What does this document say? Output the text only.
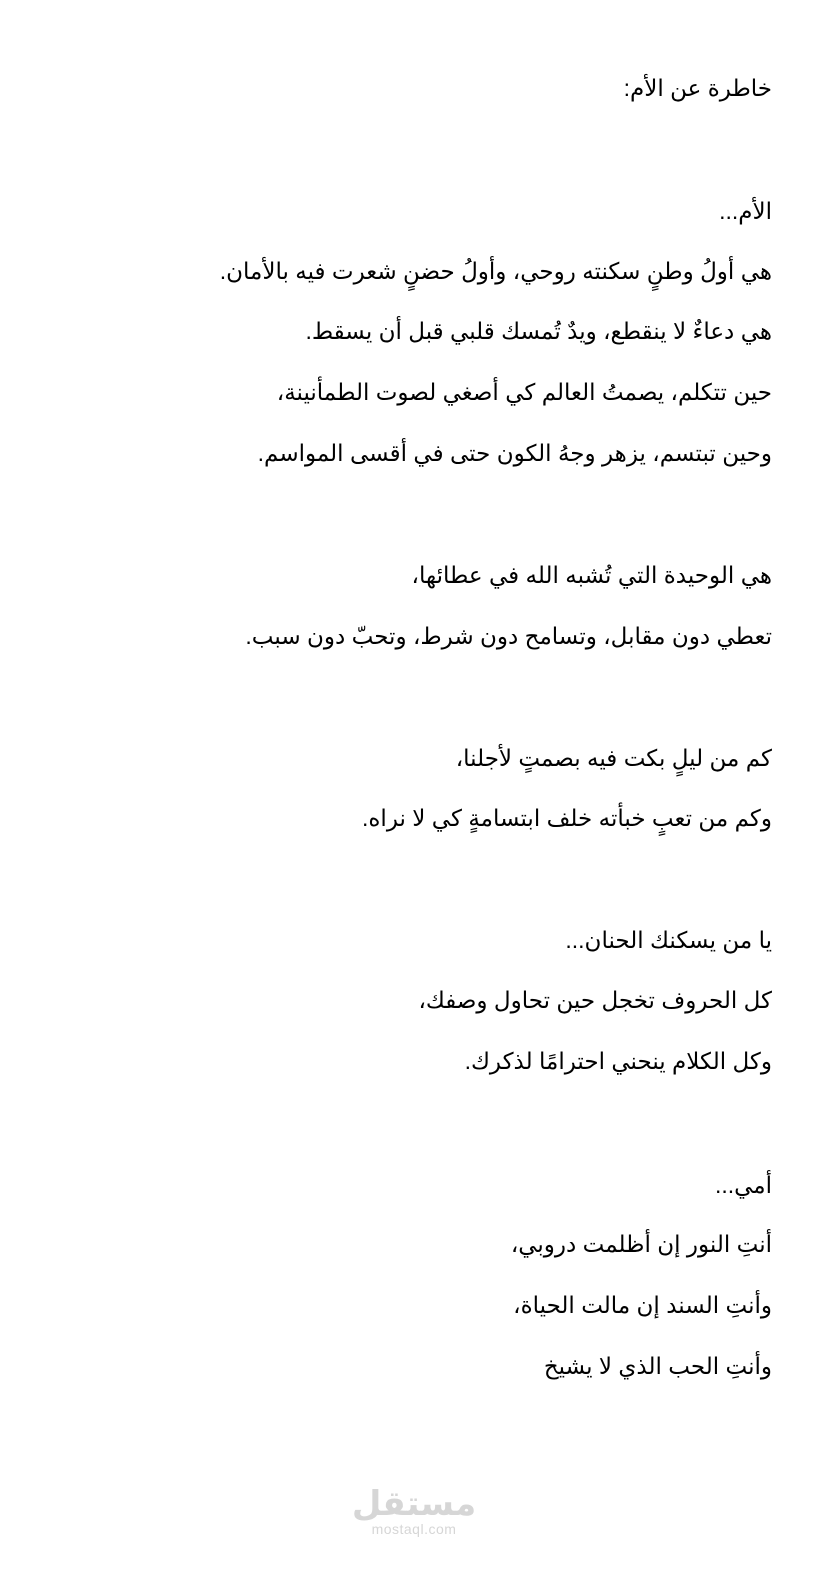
خاطرة عن الأم:
الأم...
هي أولُ وطنٍ سكنته روحي، وأولُ حضنٍ شعرت فيه بالأمان.
هي دعاءٌ لا ينقطع، ويدٌ تُمسك قلبي قبل أن يسقط.
حين تتكلم، يصمتُ العالم كي أصغي لصوت الطمأنينة،
وحين تبتسم، يزهر وجهُ الكون حتى في أقسى المواسم.
هي الوحيدة التي تُشبه الله في عطائها،
تعطي دون مقابل، وتسامح دون شرط، وتحبّ دون سبب.
كم من ليلٍ بكت فيه بصمتٍ لأجلنا،
وكم من تعبٍ خبأته خلف ابتسامةٍ كي لا نراه.
يا من يسكنك الحنان...
كل الحروف تخجل حين تحاول وصفك،
وكل الكلام ينحني احترامًا لذكرك.
أمي...
أنتِ النور إن أظلمت دروبي،
وأنتِ السند إن مالت الحياة،
وأنتِ الحب الذي لا يشيخ
مستقل
mostaql.com
